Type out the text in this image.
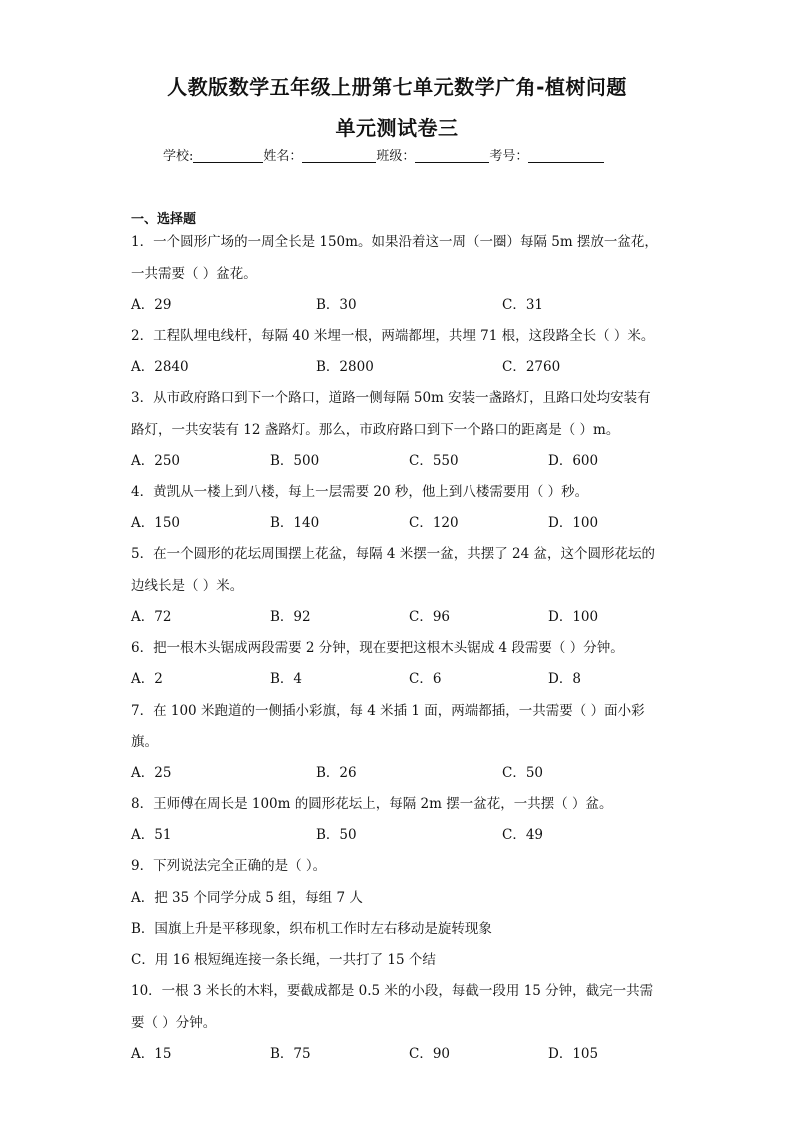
人教版数学五年级上册第七单元数学广角-植树问题
单元测试卷三
学校:	姓名：	班级：	考号：
一、选择题
1．一个圆形广场的一周全长是 150m。如果沿着这一周（一圈）每隔 5m 摆放一盆花，
一共需要（ ）盆花。
A．29	B．30	C．31
2．工程队埋电线杆，每隔 40 米埋一根，两端都埋，共埋 71 根，这段路全长（ ）米。
A．2840	B．2800	C．2760
3．从市政府路口到下一个路口，道路一侧每隔 50m 安装一盏路灯，且路口处均安装有
路灯，一共安装有 12 盏路灯。那么，市政府路口到下一个路口的距离是（ ）m。
A．250	B．500	C．550	D．600
4．黄凯从一楼上到八楼，每上一层需要 20 秒，他上到八楼需要用（ ）秒。
A．150	B．140	C．120	D．100
5．在一个圆形的花坛周围摆上花盆，每隔 4 米摆一盆，共摆了 24 盆，这个圆形花坛的
边线长是（ ）米。
A．72	B．92	C．96	D．100
6．把一根木头锯成两段需要 2 分钟，现在要把这根木头锯成 4 段需要（ ）分钟。
A．2	B．4	C．6	D．8
7．在 100 米跑道的一侧插小彩旗，每 4 米插 1 面，两端都插，一共需要（ ）面小彩
旗。
A．25	B．26	C．50
8．王师傅在周长是 100m 的圆形花坛上，每隔 2m 摆一盆花，一共摆（ ）盆。
A．51	B．50	C．49
9．下列说法完全正确的是（ ）。
A．把 35 个同学分成 5 组，每组 7 人
B．国旗上升是平移现象，织布机工作时左右移动是旋转现象
C．用 16 根短绳连接一条长绳，一共打了 15 个结
10．一根 3 米长的木料，要截成都是 0.5 米的小段，每截一段用 15 分钟，截完一共需
要（ ）分钟。
A．15	B．75	C．90	D．105
